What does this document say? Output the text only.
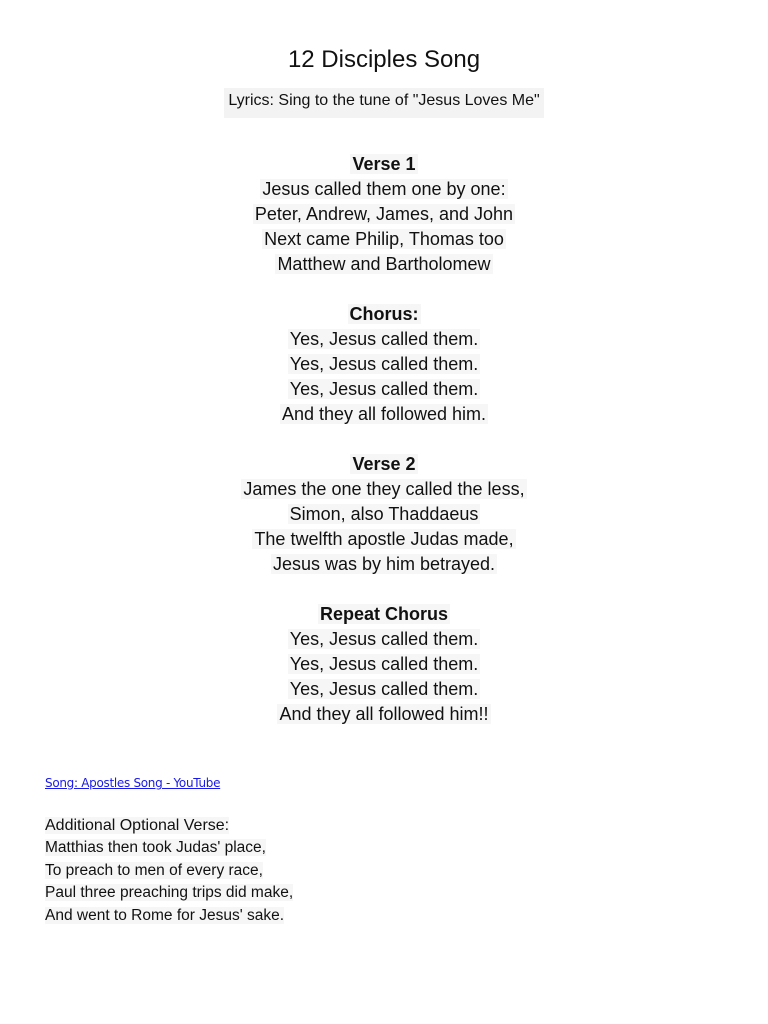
12 Disciples Song
Lyrics: Sing to the tune of "Jesus Loves Me"
Verse 1
Jesus called them one by one:
Peter, Andrew, James, and John
Next came Philip, Thomas too
Matthew and Bartholomew
Chorus:
Yes, Jesus called them.
Yes, Jesus called them.
Yes, Jesus called them.
And they all followed him.
Verse 2
James the one they called the less,
Simon, also Thaddaeus
The twelfth apostle Judas made,
Jesus was by him betrayed.
Repeat Chorus
Yes, Jesus called them.
Yes, Jesus called them.
Yes, Jesus called them.
And they all followed him!!
Song: Apostles Song - YouTube
Additional Optional Verse:
Matthias then took Judas' place,
To preach to men of every race,
Paul three preaching trips did make,
And went to Rome for Jesus' sake.
